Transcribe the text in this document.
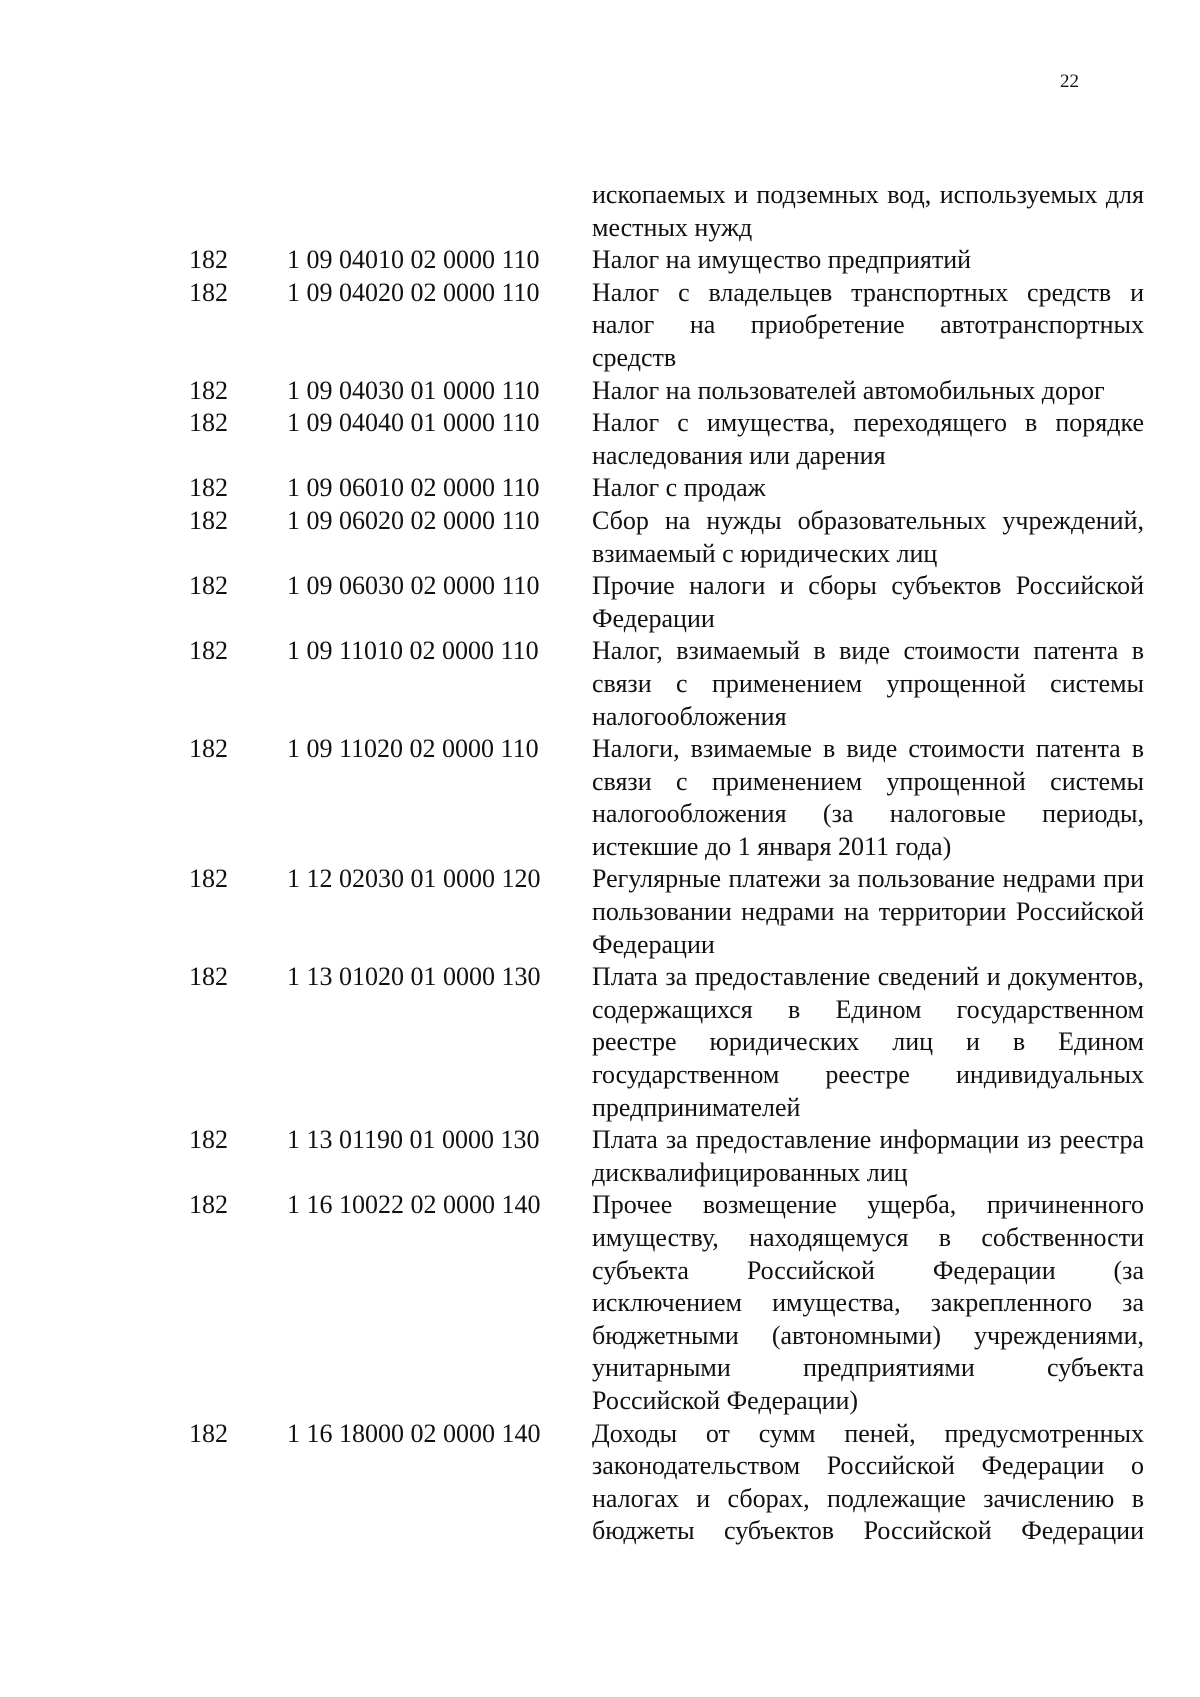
22
ископаемых и подземных вод, используемых для местных нужд
182	1 09 04010 02 0000 110	Налог на имущество предприятий
182	1 09 04020 02 0000 110	Налог с владельцев транспортных средств и налог на приобретение автотранспортных средств
182	1 09 04030 01 0000 110	Налог на пользователей автомобильных дорог
182	1 09 04040 01 0000 110	Налог с имущества, переходящего в порядке наследования или дарения
182	1 09 06010 02 0000 110	Налог с продаж
182	1 09 06020 02 0000 110	Сбор на нужды образовательных учреждений, взимаемый с юридических лиц
182	1 09 06030 02 0000 110	Прочие налоги и сборы субъектов Российской Федерации
182	1 09 11010 02 0000 110	Налог, взимаемый в виде стоимости патента в связи с применением упрощенной системы налогообложения
182	1 09 11020 02 0000 110	Налоги, взимаемые в виде стоимости патента в связи с применением упрощенной системы налогообложения (за налоговые периоды, истекшие до 1 января 2011 года)
182	1 12 02030 01 0000 120	Регулярные платежи за пользование недрами при пользовании недрами на территории Российской Федерации
182	1 13 01020 01 0000 130	Плата за предоставление сведений и документов, содержащихся в Едином государственном реестре юридических лиц и в Едином государственном реестре индивидуальных предпринимателей
182	1 13 01190 01 0000 130	Плата за предоставление информации из реестра дисквалифицированных лиц
182	1 16 10022 02 0000 140	Прочее возмещение ущерба, причиненного имуществу, находящемуся в собственности субъекта Российской Федерации (за исключением имущества, закрепленного за бюджетными (автономными) учреждениями, унитарными предприятиями субъекта Российской Федерации)
182	1 16 18000 02 0000 140	Доходы от сумм пеней, предусмотренных законодательством Российской Федерации о налогах и сборах, подлежащие зачислению в бюджеты субъектов Российской Федерации
